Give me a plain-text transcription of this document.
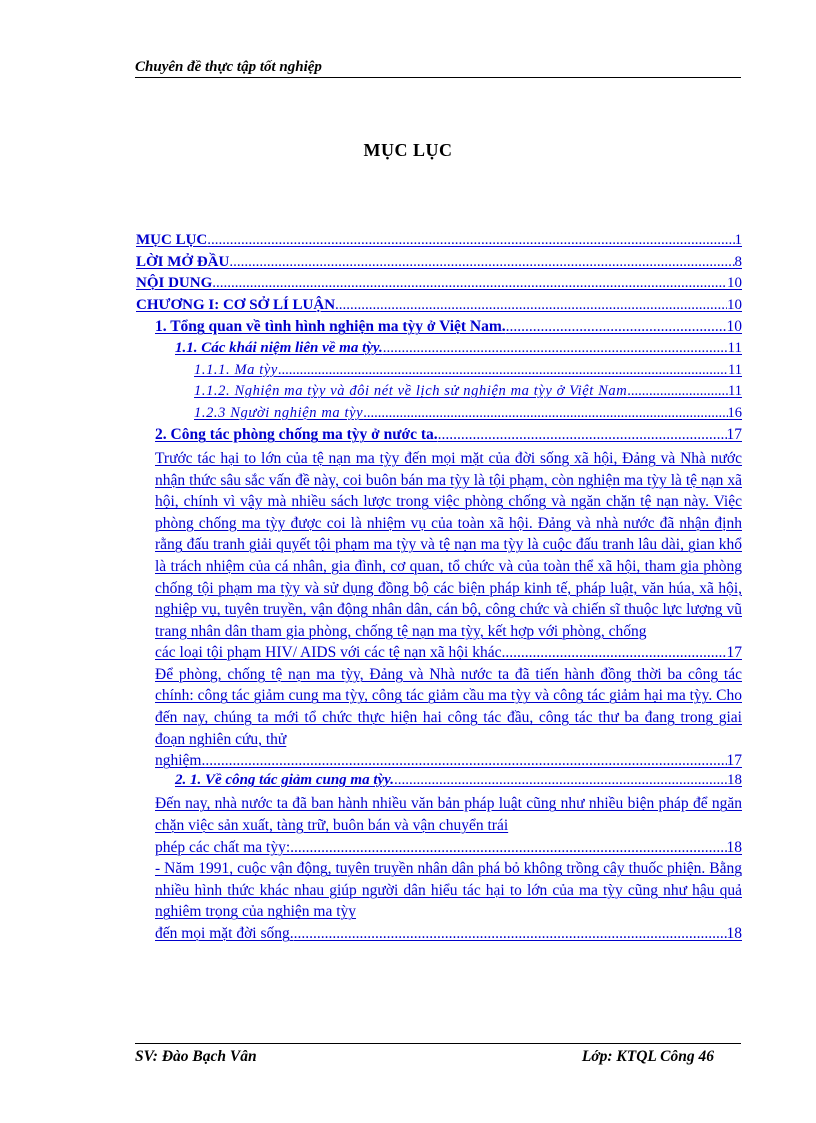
Chuyên đề thực tập tốt nghiệp
MỤC LỤC
MỤC LỤC .....	1
LỜI MỞ ĐẦU .....	8
NỘI DUNG .....	10
CHƯƠNG I: CƠ SỞ LÍ LUẬN .....	10
1. Tổng quan về tình hình nghiện ma tỳy ở Việt Nam. .....	10
1.1. Các khái niệm liên về ma tỳy. .....	11
1.1.1. Ma tỳy .....	11
1.1.2. Nghiện ma tỳy và đôi nét về lịch sử nghiện ma tỳy ở Việt Nam .....	11
1.2.3 Người nghiện ma tỳy .....	16
2. Công tác phòng chống ma tỳy ở nước ta. .....	17
Trước tác hại to lớn của tệ nạn ma tỳy đến mọi mặt của đời sống xã hội, Đảng và Nhà nước nhận thức sâu sắc vấn đề này, coi buôn bán ma tỳy là tội phạm, còn nghiện ma tỳy là tệ nạn xã hội, chính vì vậy mà nhiều sách lược trong việc phòng chống và ngăn chặn tệ nạn này. Việc phòng chống ma tỳy được coi là nhiệm vụ của toàn xã hội. Đảng và nhà nước đã nhận định rằng đấu tranh giải quyết tội phạm ma tỳy và tệ nạn ma tỳy là cuộc đấu tranh lâu dài, gian khổ là trách nhiệm của cá nhân, gia đình, cơ quan, tổ chức và của toàn thể xã hội, tham gia phòng chống tội phạm ma tỳy và sử dụng đồng bộ các biện pháp kinh tế, pháp luật, văn húa, xã hội, nghiệp vụ, tuyên truyền, vận động nhân dân, cán bộ, công chức và chiến sĩ thuộc lực lượng vũ trang nhân dân tham gia phòng, chống tệ nạn ma tỳy, kết hợp với phòng, chống
các loại tội phạm HIV/ AIDS với các tệ nạn xã hội khác. .....	17
Để phòng, chống tệ nạn ma tỳy, Đảng và Nhà nước ta đã tiến hành đồng thời ba công tác chính: công tác giảm cung ma tỳy, công tác giảm cầu ma tỳy và công tác giảm hại ma tỳy. Cho đến nay, chúng ta mới tổ chức thực hiện hai công tác đầu, công tác thư ba đang trong giai đoạn nghiên cứu, thử
nghiệm. .....	17
2. 1. Về công tác giảm cung ma tỳy. .....	18
Đến nay, nhà nước ta đã ban hành nhiều văn bản pháp luật cũng như nhiều biện pháp để ngăn chặn việc sản xuất, tàng trữ, buôn bán và vận chuyển trái
phép các chất ma tỳy: .....	18
- Năm 1991, cuộc vận động, tuyên truyền nhân dân phá bỏ không trồng cây thuốc phiện. Bằng nhiều hình thức khác nhau giúp người dân hiểu tác hại to lớn của ma tỳy cũng như hậu quả nghiêm trọng của nghiện ma tỳy
đến mọi mặt đời sống. .....	18
SV: Đào Bạch Vân	Lớp: KTQL Công 46
